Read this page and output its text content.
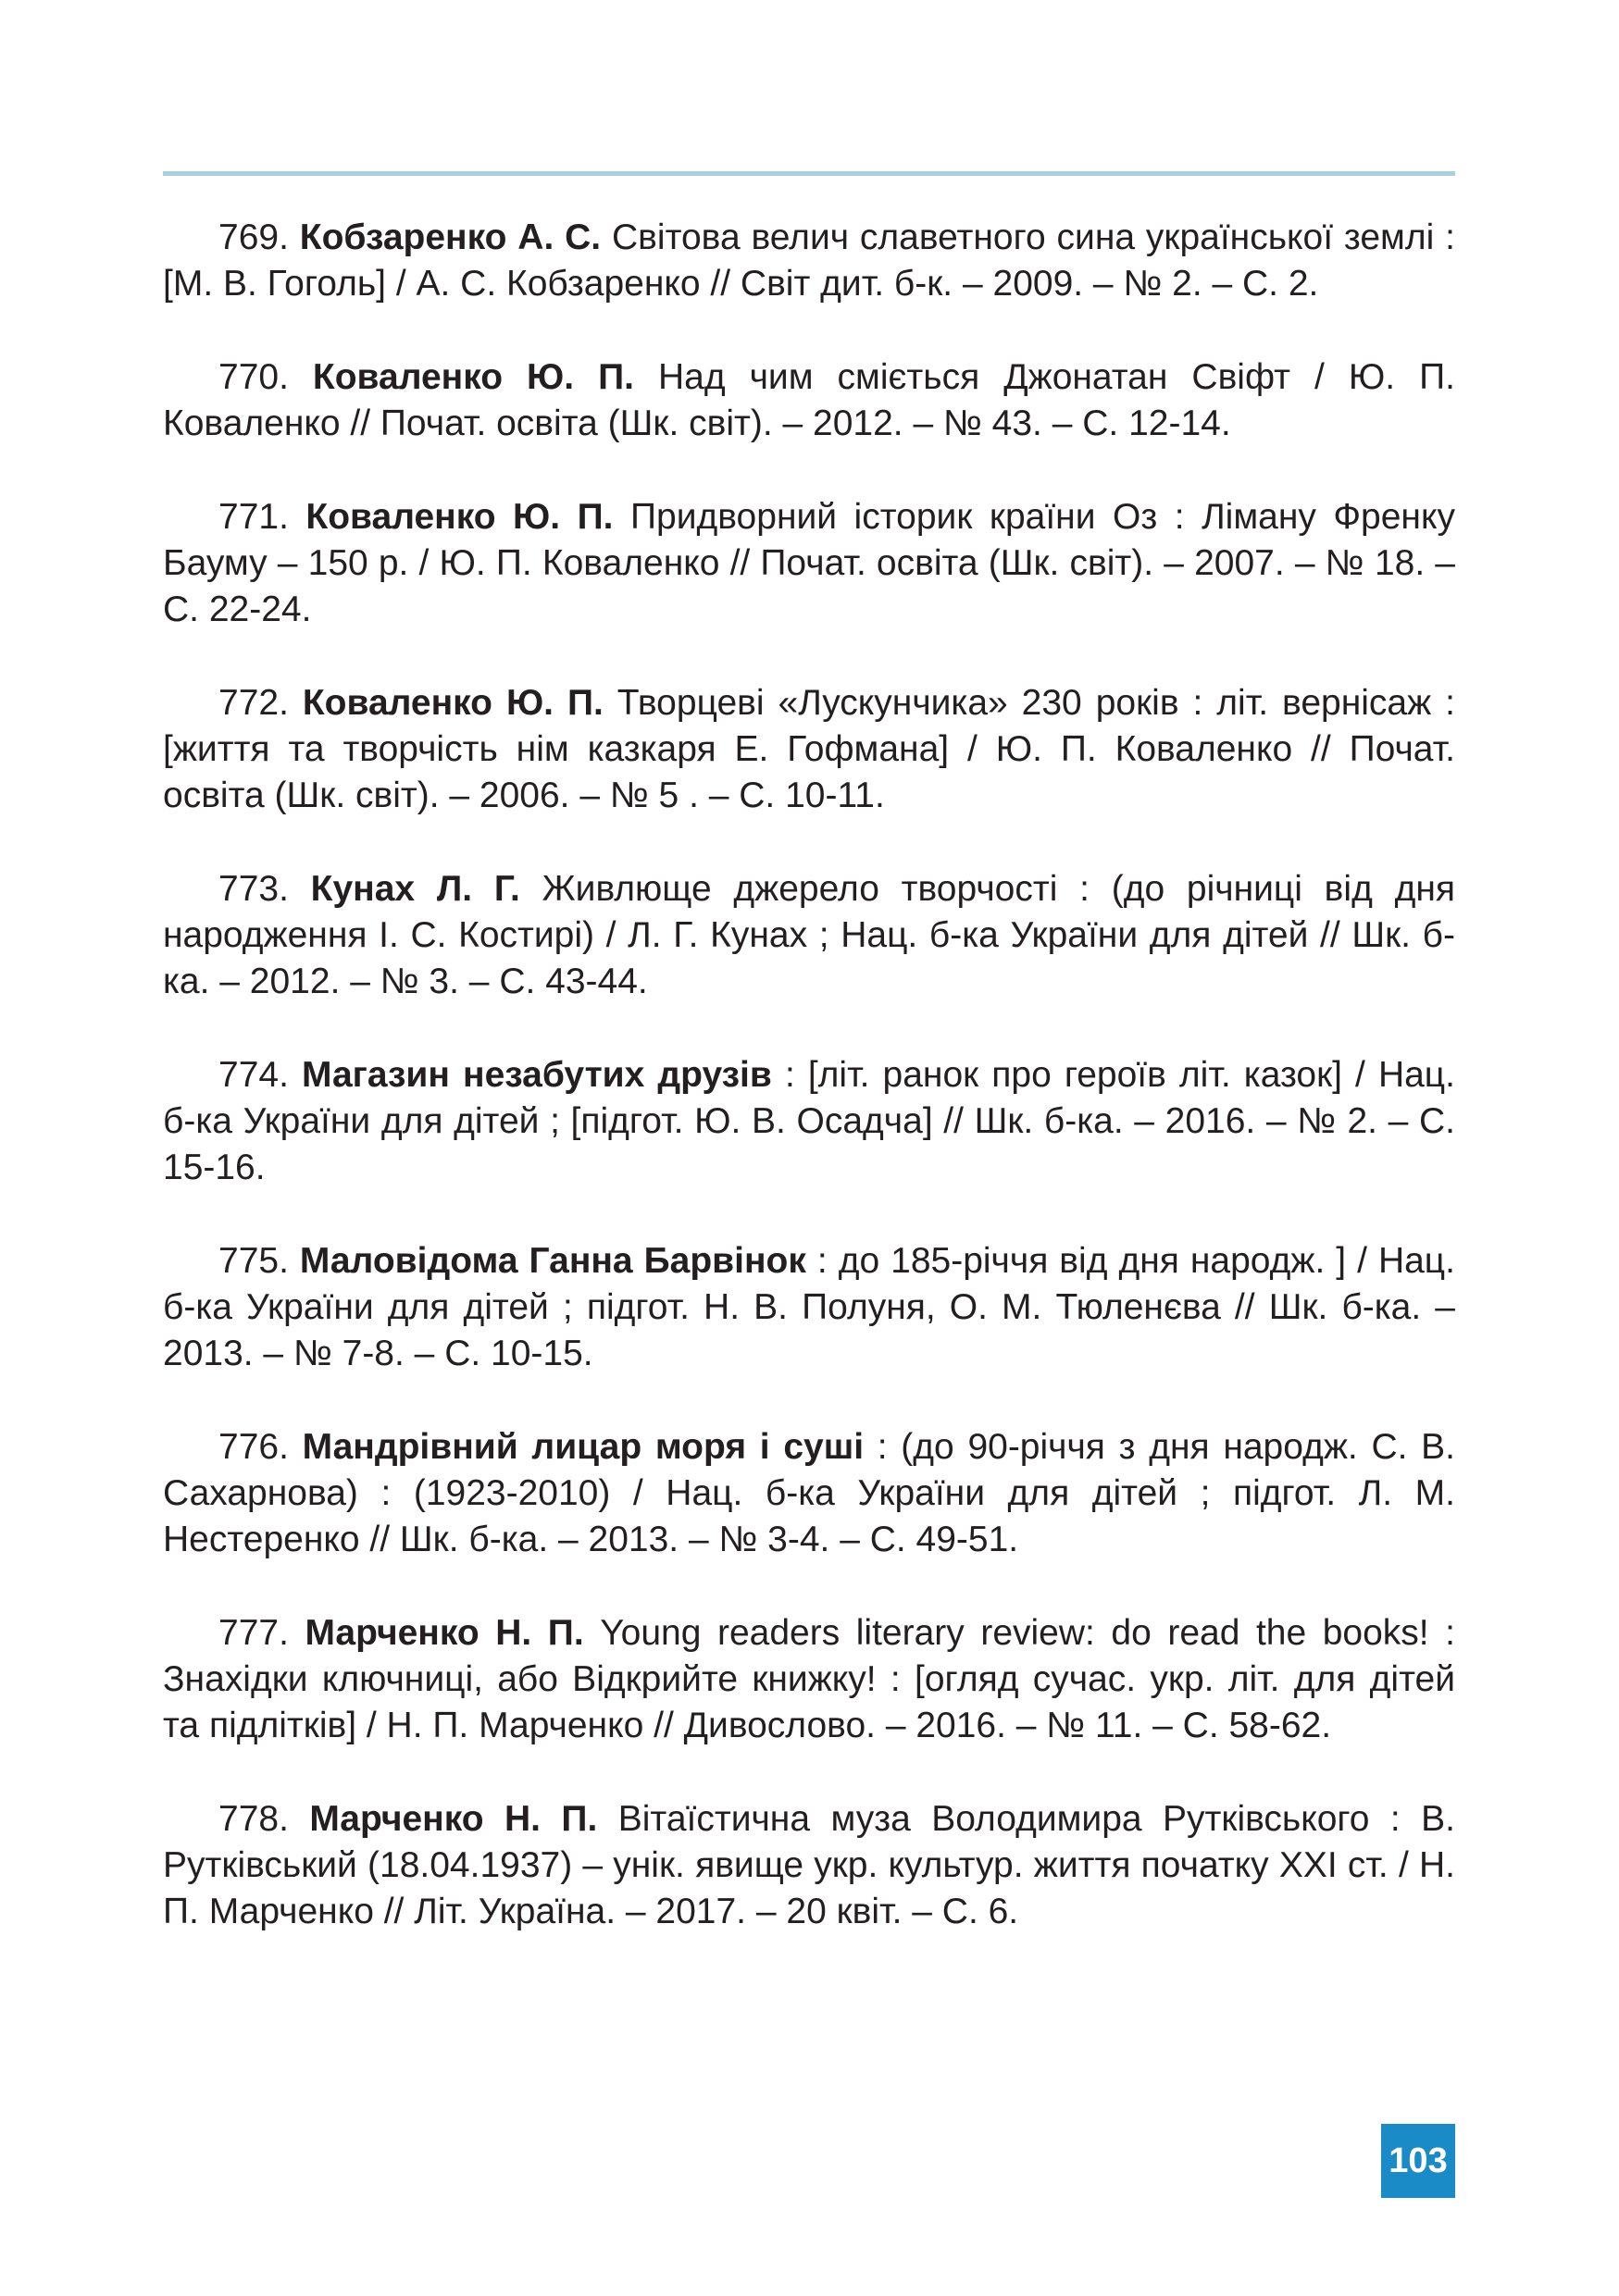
769. Кобзаренко А. С. Світова велич славетного сина української землі : [М. В. Гоголь] / А. С. Кобзаренко // Світ дит. б-к. – 2009. – № 2. – С. 2.

770. Коваленко Ю. П. Над чим сміється Джонатан Свіфт / Ю. П. Коваленко // Почат. освіта (Шк. світ). – 2012. – № 43. – С. 12-14.

771. Коваленко Ю. П. Придворний історик країни Оз : Ліману Френку Бауму – 150 р. / Ю. П. Коваленко // Почат. освіта (Шк. світ). – 2007. – № 18. – С. 22-24.

772. Коваленко Ю. П. Творцеві «Лускунчика» 230 років : літ. вернісаж : [життя та творчість нім казкаря Е. Гофмана] / Ю. П. Коваленко // Почат. освіта (Шк. світ). – 2006. – № 5 . – С. 10-11.

773. Кунах Л. Г. Живлюще джерело творчості : (до річниці від дня народження І. С. Костирі) / Л. Г. Кунах ; Нац. б-ка України для дітей // Шк. б-ка. – 2012. – № 3. – С. 43-44.

774. Магазин незабутих друзів : [літ. ранок про героїв літ. казок] / Нац. б-ка України для дітей ; [підгот. Ю. В. Осадча] // Шк. б-ка. – 2016. – № 2. – С. 15-16.

775. Маловідома Ганна Барвінок : до 185-річчя від дня народж. ] / Нац. б-ка України для дітей ; підгот. Н. В. Полуня, О. М. Тюленєва // Шк. б-ка. – 2013. – № 7-8. – С. 10-15.

776. Мандрівний лицар моря і суші : (до 90-річчя з дня народж. С. В. Сахарнова) : (1923-2010) / Нац. б-ка України для дітей ; підгот. Л. М. Нестеренко // Шк. б-ка. – 2013. – № 3-4. – С. 49-51.

777. Марченко Н. П. Young readers literary review: do read the books! : Знахідки ключниці, або Відкрийте книжку! : [огляд сучас. укр. літ. для дітей та підлітків] / Н. П. Марченко // Дивослово. – 2016. – № 11. – С. 58-62.

778. Марченко Н. П. Вітаїстична муза Володимира Рутківського : В. Рутківський (18.04.1937) – унік. явище укр. культур. життя початку ХХІ ст. / Н. П. Марченко // Літ. Україна. – 2017. – 20 квіт. – С. 6.

103
